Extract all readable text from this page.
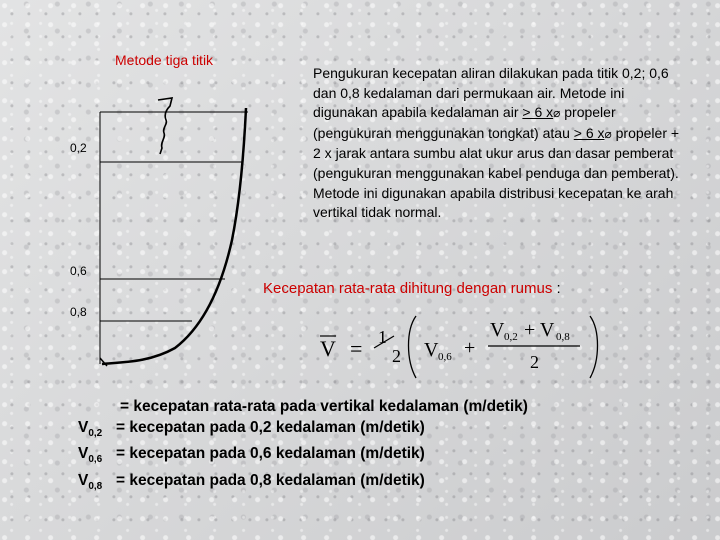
Metode tiga titik
Pengukuran kecepatan aliran dilakukan pada titik 0,2; 0,6 dan 0,8 kedalaman dari permukaan air. Metode ini digunakan apabila kedalaman air > 6 x⌀ propeler (pengukuran menggunakan tongkat) atau > 6 x⌀ propeler + 2 x jarak antara sumbu alat ukur arus dan dasar pemberat (pengukuran menggunakan kabel penduga dan pemberat). Metode ini digunakan apabila distribusi kecepatan ke arah vertikal tidak normal.
0,2
0,6
0,8
Kecepatan rata-rata dihitung dengan rumus :
V = 1
2 V 0,6 +
V 0,2 + V 0,8
2
= kecepatan rata-rata pada vertikal kedalaman (m/detik)
$V_{0,2}$ = kecepatan pada 0,2 kedalaman (m/detik)
$V_{0,6}$ = kecepatan pada 0,6 kedalaman (m/detik)
$V_{0,8}$ = kecepatan pada 0,8 kedalaman (m/detik)
